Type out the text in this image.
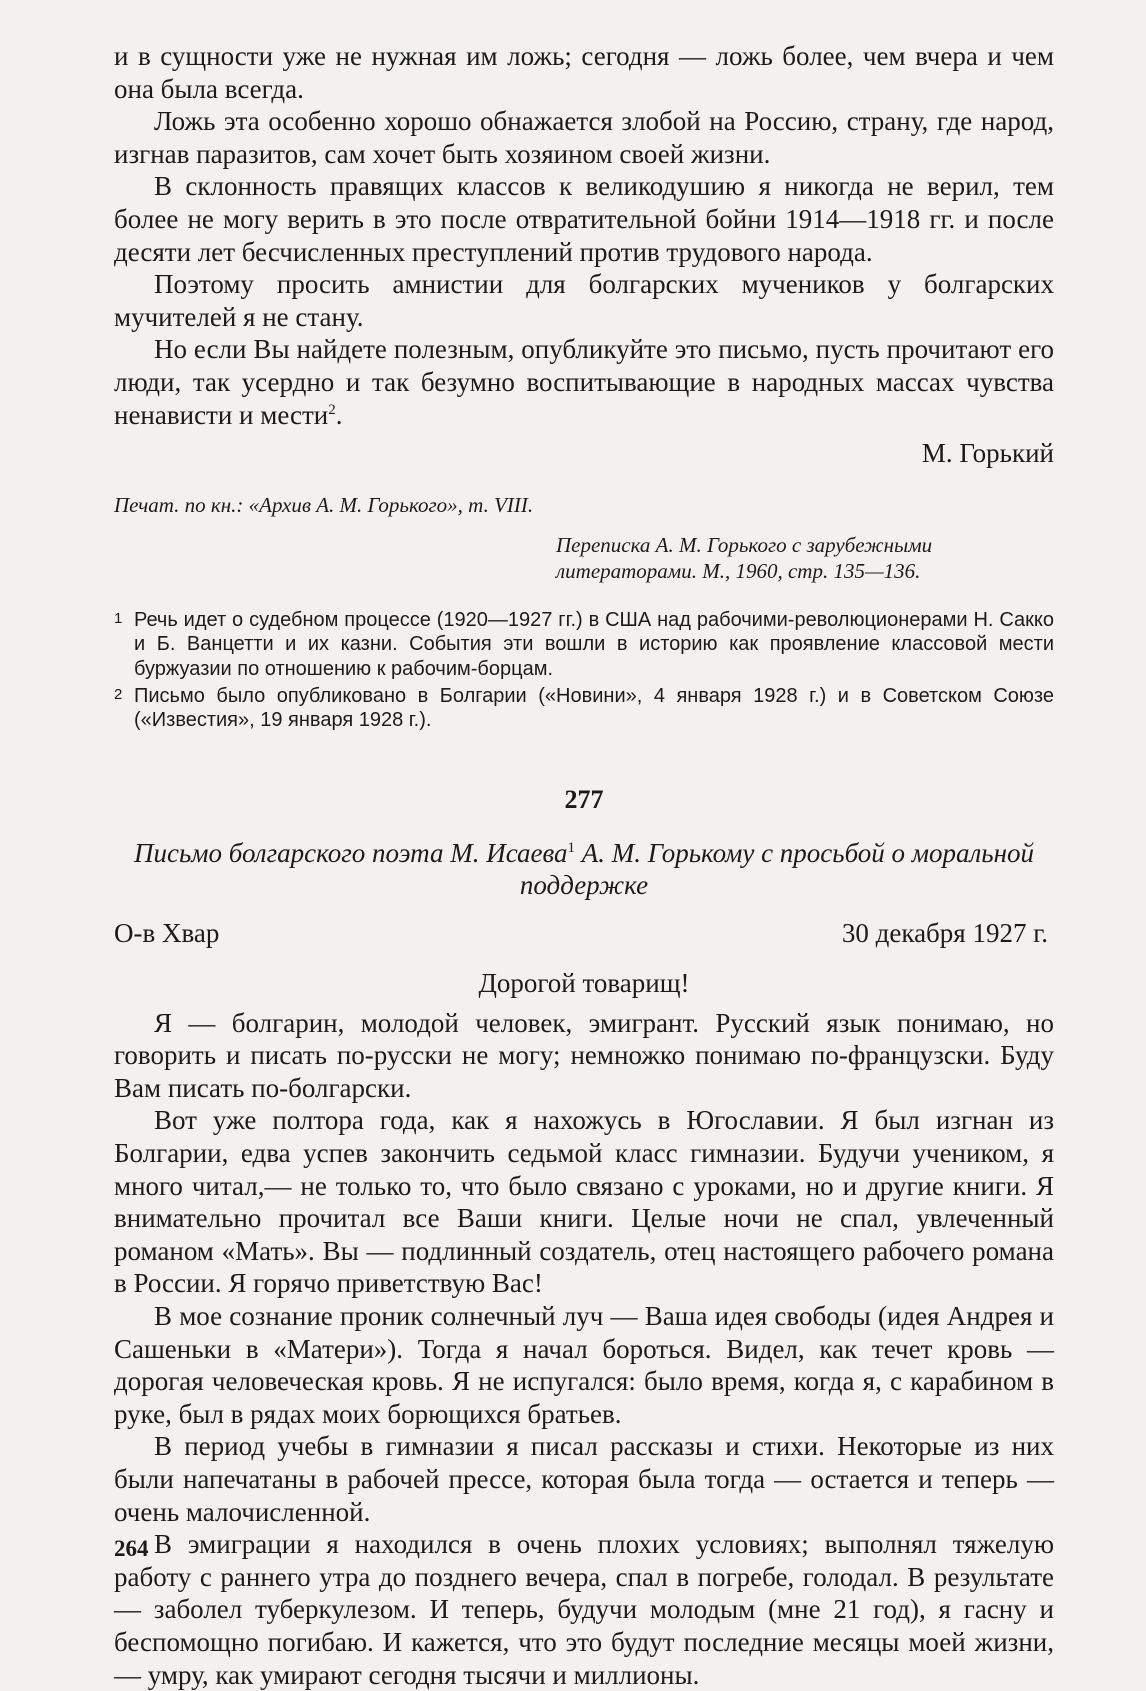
и в сущности уже не нужная им ложь; сегодня — ложь более, чем вчера и чем она была всегда.

Ложь эта особенно хорошо обнажается злобой на Россию, страну, где народ, изгнав паразитов, сам хочет быть хозяином своей жизни.

В склонность правящих классов к великодушию я никогда не верил, тем более не могу верить в это после отвратительной бойни 1914—1918 гг. и после десяти лет бесчисленных преступлений против трудового народа.

Поэтому просить амнистии для болгарских мучеников у болгарских мучителей я не стану.

Но если Вы найдете полезным, опубликуйте это письмо, пусть прочитают его люди, так усердно и так безумно воспитывающие в народных массах чувства ненависти и мести$^2$.

М. Горький

Печат. по кн.: «Архив А. М. Горького», т. VIII.
Переписка А. М. Горького с зарубежными литераторами. М., 1960, стр. 135—136.
1 Речь идет о судебном процессе (1920—1927 гг.) в США над рабочими-революционерами Н. Сакко и Б. Ванцетти и их казни. События эти вошли в историю как проявление классовой мести буржуазии по отношению к рабочим-борцам.
2 Письмо было опубликовано в Болгарии («Новини», 4 января 1928 г.) и в Советском Союзе («Известия», 19 января 1928 г.).
277
Письмо болгарского поэта М. Исаева$^1$ А. М. Горькому с просьбой о моральной поддержке
О-в Хвар	30 декабря 1927 г.
Дорогой товарищ!

Я — болгарин, молодой человек, эмигрант. Русский язык понимаю, но говорить и писать по-русски не могу; немножко понимаю по-французски. Буду Вам писать по-болгарски.

Вот уже полтора года, как я нахожусь в Югославии. Я был изгнан из Болгарии, едва успев закончить седьмой класс гимназии. Будучи учеником, я много читал,— не только то, что было связано с уроками, но и другие книги. Я внимательно прочитал все Ваши книги. Целые ночи не спал, увлеченный романом «Мать». Вы — подлинный создатель, отец настоящего рабочего романа в России. Я горячо приветствую Вас!

В мое сознание проник солнечный луч — Ваша идея свободы (идея Андрея и Сашеньки в «Матери»). Тогда я начал бороться. Видел, как течет кровь — дорогая человеческая кровь. Я не испугался: было время, когда я, с карабином в руке, был в рядах моих борющихся братьев.

В период учебы в гимназии я писал рассказы и стихи. Некоторые из них были напечатаны в рабочей прессе, которая была тогда — остается и теперь — очень малочисленной.

В эмиграции я находился в очень плохих условиях; выполнял тяжелую работу с раннего утра до позднего вечера, спал в погребе, голодал. В результате — заболел туберкулезом. И теперь, будучи молодым (мне 21 год), я гасну и беспомощно погибаю. И кажется, что это будут последние месяцы моей жизни,— умру, как умирают сегодня тысячи и миллионы.

264
